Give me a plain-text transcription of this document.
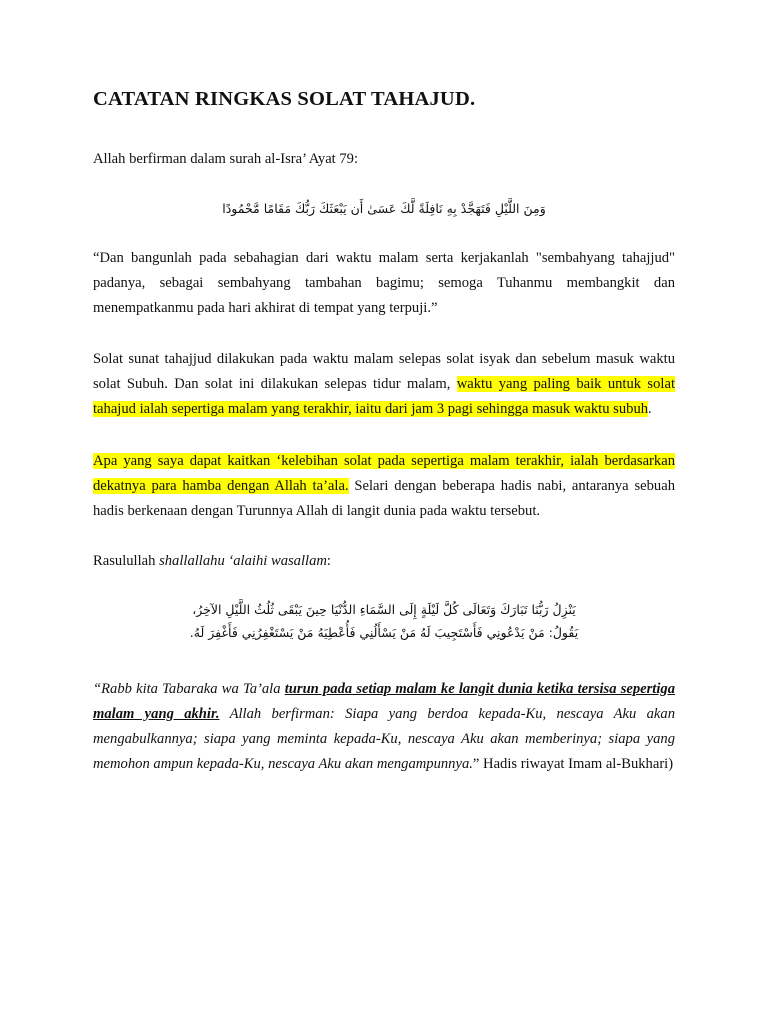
CATATAN RINGKAS SOLAT TAHAJUD.

Allah berfirman dalam surah al-Isra’ Ayat 79:

وَمِنَ اللَّيْلِ فَتَهَجَّدْ بِهِ نَافِلَةً لَّكَ عَسَىٰ أَن يَبْعَثَكَ رَبُّكَ مَقَامًا مَّحْمُودًا

“Dan bangunlah pada sebahagian dari waktu malam serta kerjakanlah "sembahyang tahajjud" padanya, sebagai sembahyang tambahan bagimu; semoga Tuhanmu membangkit dan menempatkanmu pada hari akhirat di tempat yang terpuji.”

Solat sunat tahajjud dilakukan pada waktu malam selepas solat isyak dan sebelum masuk waktu solat Subuh. Dan solat ini dilakukan selepas tidur malam, waktu yang paling baik untuk solat tahajud ialah sepertiga malam yang terakhir, iaitu dari jam 3 pagi sehingga masuk waktu subuh.

Apa yang saya dapat kaitkan ‘kelebihan solat pada sepertiga malam terakhir, ialah berdasarkan dekatnya para hamba dengan Allah ta’ala. Selari dengan beberapa hadis nabi, antaranya sebuah hadis berkenaan dengan Turunnya Allah di langit dunia pada waktu tersebut.

Rasulullah shallallahu ‘alaihi wasallam:

يَنْزِلُ رَبُّنَا تَبَارَكَ وَتَعَالَى كُلَّ لَيْلَةٍ إِلَى السَّمَاءِ الدُّنْيَا حِينَ يَبْقَى ثُلُثُ اللَّيْلِ الآخِرُ،
يَقُولُ: مَنْ يَدْعُونِي فَأَسْتَجِيبَ لَهُ مَنْ يَسْأَلُنِي فَأُعْطِيَهُ مَنْ يَسْتَغْفِرُنِي فَأَغْفِرَ لَهُ.

“Rabb kita Tabaraka wa Ta’ala turun pada setiap malam ke langit dunia ketika tersisa sepertiga malam yang akhir. Allah berfirman: Siapa yang berdoa kepada-Ku, nescaya Aku akan mengabulkannya; siapa yang meminta kepada-Ku, nescaya Aku akan memberinya; siapa yang memohon ampun kepada-Ku, nescaya Aku akan mengampunnya.” Hadis riwayat Imam al-Bukhari)
